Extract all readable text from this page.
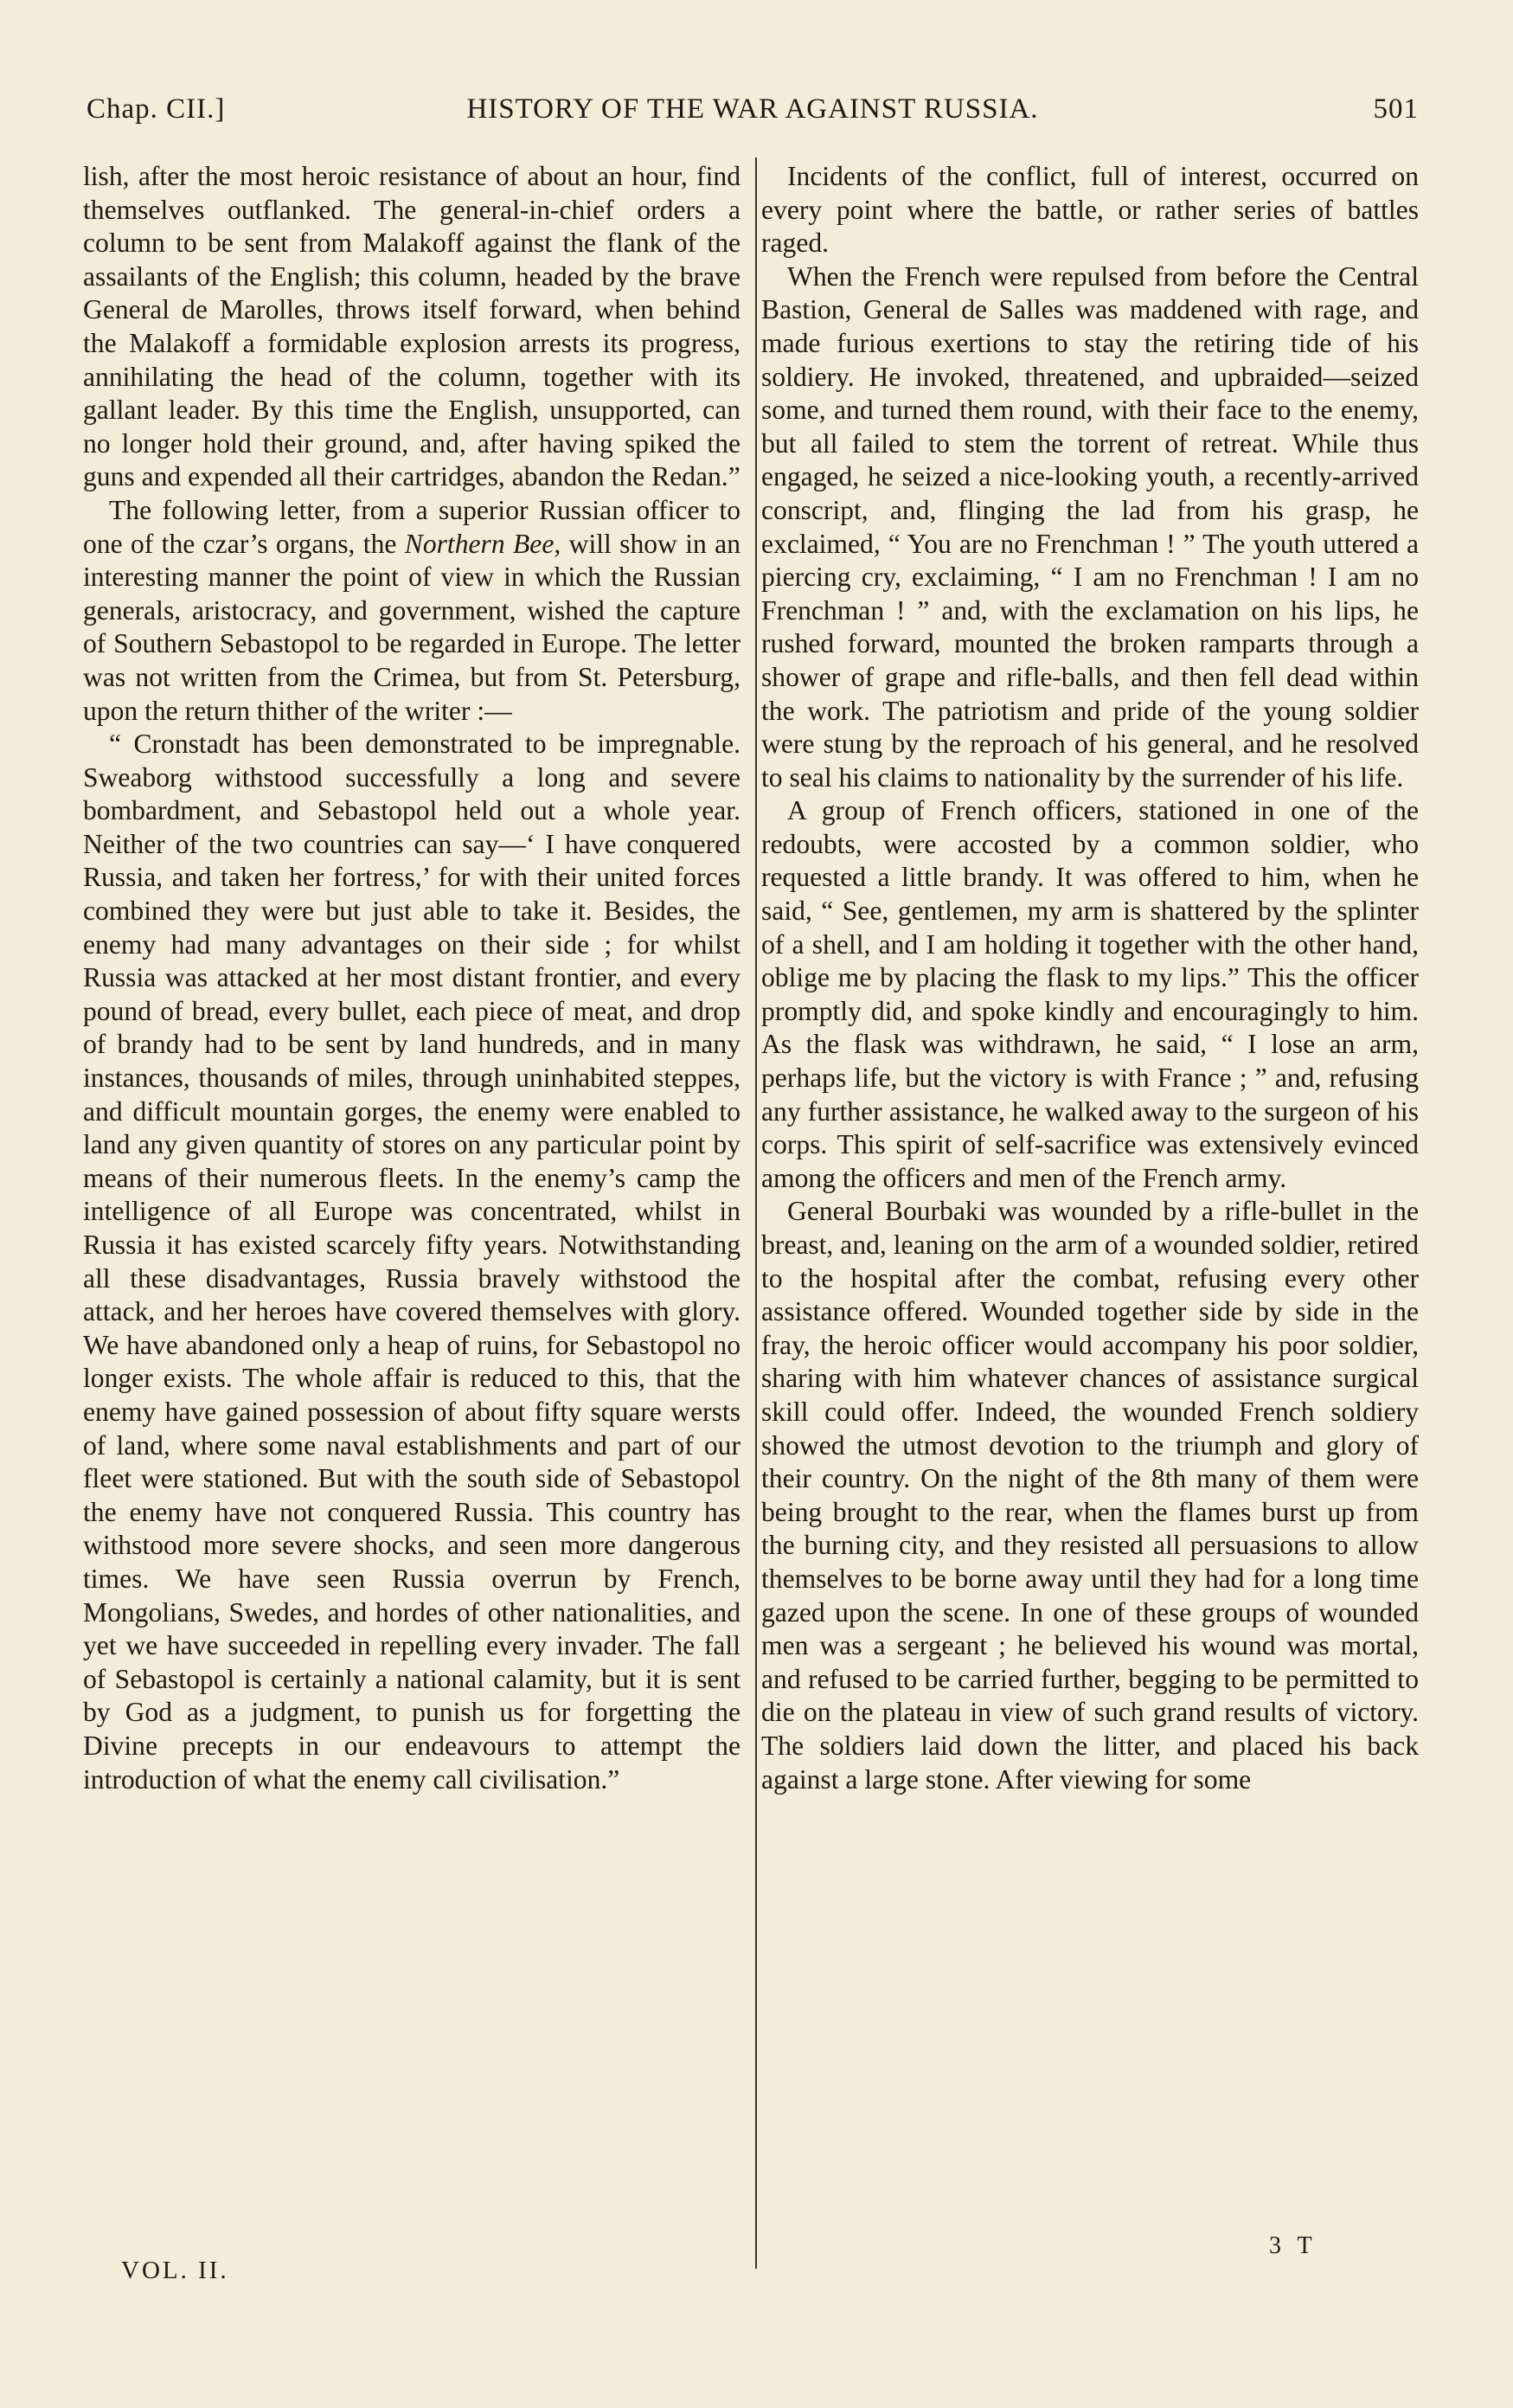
Chap. CII.]	HISTORY OF THE WAR AGAINST RUSSIA.	501

lish, after the most heroic resistance of about an hour, find themselves outflanked. The general-in-chief orders a column to be sent from Malakoff against the flank of the assailants of the English; this column, headed by the brave General de Marolles, throws itself forward, when behind the Malakoff a formidable explosion arrests its progress, annihilating the head of the column, together with its gallant leader. By this time the English, unsupported, can no longer hold their ground, and, after having spiked the guns and expended all their cartridges, abandon the Redan.”

The following letter, from a superior Russian officer to one of the czar’s organs, the Northern Bee, will show in an interesting manner the point of view in which the Russian generals, aristocracy, and government, wished the capture of Southern Sebastopol to be regarded in Europe. The letter was not written from the Crimea, but from St. Petersburg, upon the return thither of the writer :—

“ Cronstadt has been demonstrated to be impregnable. Sweaborg withstood successfully a long and severe bombardment, and Sebastopol held out a whole year. Neither of the two countries can say—‘ I have conquered Russia, and taken her fortress,’ for with their united forces combined they were but just able to take it. Besides, the enemy had many advantages on their side ; for whilst Russia was attacked at her most distant frontier, and every pound of bread, every bullet, each piece of meat, and drop of brandy had to be sent by land hundreds, and in many instances, thousands of miles, through uninhabited steppes, and difficult mountain gorges, the enemy were enabled to land any given quantity of stores on any particular point by means of their numerous fleets. In the enemy’s camp the intelligence of all Europe was concentrated, whilst in Russia it has existed scarcely fifty years. Notwithstanding all these disadvantages, Russia bravely withstood the attack, and her heroes have covered themselves with glory. We have abandoned only a heap of ruins, for Sebastopol no longer exists. The whole affair is reduced to this, that the enemy have gained possession of about fifty square wersts of land, where some naval establishments and part of our fleet were stationed. But with the south side of Sebastopol the enemy have not conquered Russia. This country has withstood more severe shocks, and seen more dangerous times. We have seen Russia overrun by French, Mongolians, Swedes, and hordes of other nationalities, and yet we have succeeded in repelling every invader. The fall of Sebastopol is certainly a national calamity, but it is sent by God as a judgment, to punish us for forgetting the Divine precepts in our endeavours to attempt the introduction of what the enemy call civilisation.”

Incidents of the conflict, full of interest, occurred on every point where the battle, or rather series of battles raged.

When the French were repulsed from before the Central Bastion, General de Salles was maddened with rage, and made furious exertions to stay the retiring tide of his soldiery. He invoked, threatened, and upbraided—seized some, and turned them round, with their face to the enemy, but all failed to stem the torrent of retreat. While thus engaged, he seized a nice-looking youth, a recently-arrived conscript, and, flinging the lad from his grasp, he exclaimed, “ You are no Frenchman ! ” The youth uttered a piercing cry, exclaiming, “ I am no Frenchman ! I am no Frenchman ! ” and, with the exclamation on his lips, he rushed forward, mounted the broken ramparts through a shower of grape and rifle-balls, and then fell dead within the work. The patriotism and pride of the young soldier were stung by the reproach of his general, and he resolved to seal his claims to nationality by the surrender of his life.

A group of French officers, stationed in one of the redoubts, were accosted by a common soldier, who requested a little brandy. It was offered to him, when he said, “ See, gentlemen, my arm is shattered by the splinter of a shell, and I am holding it together with the other hand, oblige me by placing the flask to my lips.” This the officer promptly did, and spoke kindly and encouragingly to him. As the flask was withdrawn, he said, “ I lose an arm, perhaps life, but the victory is with France ; ” and, refusing any further assistance, he walked away to the surgeon of his corps. This spirit of self-sacrifice was extensively evinced among the officers and men of the French army.

General Bourbaki was wounded by a rifle-bullet in the breast, and, leaning on the arm of a wounded soldier, retired to the hospital after the combat, refusing every other assistance offered. Wounded together side by side in the fray, the heroic officer would accompany his poor soldier, sharing with him whatever chances of assistance surgical skill could offer. Indeed, the wounded French soldiery showed the utmost devotion to the triumph and glory of their country. On the night of the 8th many of them were being brought to the rear, when the flames burst up from the burning city, and they resisted all persuasions to allow themselves to be borne away until they had for a long time gazed upon the scene. In one of these groups of wounded men was a sergeant ; he believed his wound was mortal, and refused to be carried further, begging to be permitted to die on the plateau in view of such grand results of victory. The soldiers laid down the litter, and placed his back against a large stone. After viewing for some

VOL. II.
3 T
